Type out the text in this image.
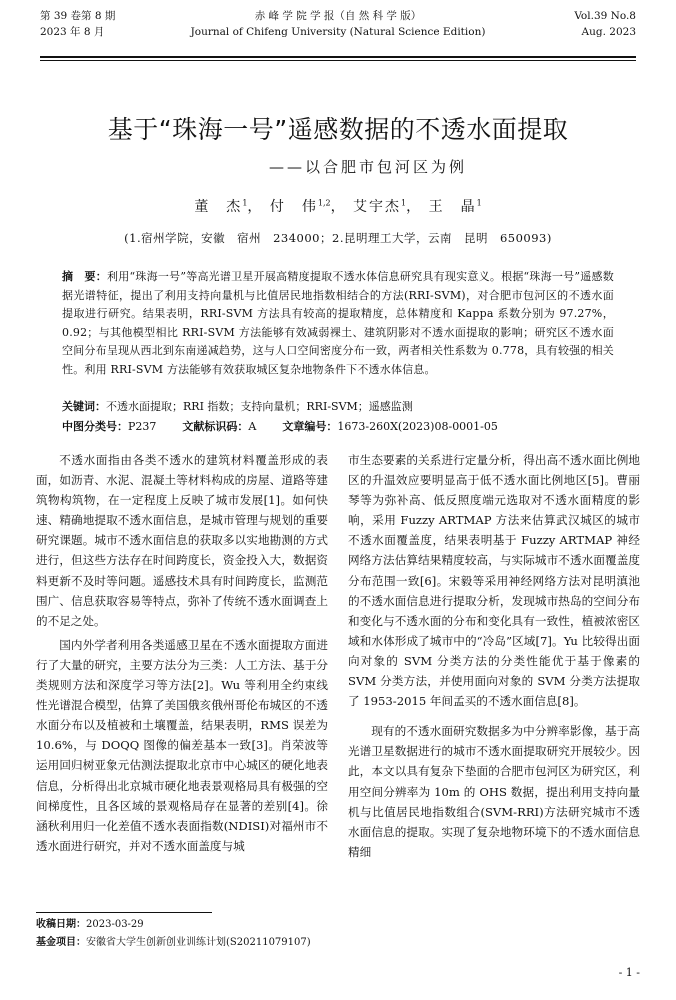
第 39 卷第 8 期
2023 年 8 月
赤 峰 学 院 学 报（自 然 科 学 版）
Journal of Chifeng University (Natural Science Edition)
Vol.39 No.8
Aug. 2023
基于“珠海一号”遥感数据的不透水面提取
——以合肥市包河区为例
董　杰$^1$， 付　伟$^{1,2}$， 艾宇杰$^1$， 王　晶$^1$
(1.宿州学院，安徽　宿州　234000；2.昆明理工大学，云南　昆明　650093)
摘　要：利用“珠海一号”等高光谱卫星开展高精度提取不透水体信息研究具有现实意义。根据“珠海一号”遥感数据光谱特征，提出了利用支持向量机与比值居民地指数相结合的方法(RRI-SVM)，对合肥市包河区的不透水面提取进行研究。结果表明，RRI-SVM 方法具有较高的提取精度，总体精度和 Kappa 系数分别为 97.27%，0.92；与其他模型相比 RRI-SVM 方法能够有效减弱裸土、建筑阴影对不透水面提取的影响；研究区不透水面空间分布呈现从西北到东南递减趋势，这与人口空间密度分布一致，两者相关性系数为 0.778，具有较强的相关性。利用 RRI-SVM 方法能够有效获取城区复杂地物条件下不透水体信息。
关键词：不透水面提取；RRI 指数；支持向量机；RRI-SVM；遥感监测
中图分类号：P237 文献标识码：A 文章编号：1673-260X(2023)08-0001-05

不透水面指由各类不透水的建筑材料覆盖形成的表面，如沥青、水泥、混凝土等材料构成的房屋、道路等建筑物构筑物，在一定程度上反映了城市发展[1]。如何快速、精确地提取不透水面信息，是城市管理与规划的重要研究课题。城市不透水面信息的获取多以实地勘测的方式进行，但这些方法存在时间跨度长，资金投入大，数据资料更新不及时等问题。遥感技术具有时间跨度长，监测范围广、信息获取容易等特点，弥补了传统不透水面调查上的不足之处。

国内外学者利用各类遥感卫星在不透水面提取方面进行了大量的研究，主要方法分为三类：人工方法、基于分类规则方法和深度学习等方法[2]。Wu 等利用全约束线性光谱混合模型，估算了美国俄亥俄州哥伦布城区的不透水面分布以及植被和土壤覆盖，结果表明，RMS 误差为 10.6%，与 DOQQ 图像的偏差基本一致[3]。肖荣波等运用回归树亚象元估测法提取北京市中心城区的硬化地表信息，分析得出北京城市硬化地表景观格局具有极强的空间梯度性，且各区域的景观格局存在显著的差别[4]。徐涵秋利用归一化差值不透水表面指数(NDISI)对福州市不透水面进行研究，并对不透水面盖度与城

市生态要素的关系进行定量分析，得出高不透水面比例地区的升温效应要明显高于低不透水面比例地区[5]。曹丽琴等为弥补高、低反照度端元选取对不透水面精度的影响，采用 Fuzzy ARTMAP 方法来估算武汉城区的城市不透水面覆盖度，结果表明基于 Fuzzy ARTMAP 神经网络方法估算结果精度较高，与实际城市不透水面覆盖度分布范围一致[6]。宋毅等采用神经网络方法对昆明滇池的不透水面信息进行提取分析，发现城市热岛的空间分布和变化与不透水面的分布和变化具有一致性，植被浓密区域和水体形成了城市中的“冷岛”区域[7]。Yu 比较得出面向对象的 SVM 分类方法的分类性能优于基于像素的 SVM 分类方法，并使用面向对象的 SVM 分类方法提取了 1953-2015 年间孟买的不透水面信息[8]。

现有的不透水面研究数据多为中分辨率影像，基于高光谱卫星数据进行的城市不透水面提取研究开展较少。因此，本文以具有复杂下垫面的合肥市包河区为研究区，利用空间分辨率为 10m 的 OHS 数据，提出利用支持向量机与比值居民地指数组合(SVM-RRI)方法研究城市不透水面信息的提取。实现了复杂地物环境下的不透水面信息精细

收稿日期：2023-03-29
基金项目：安徽省大学生创新创业训练计划(S20211079107)
- 1 -
